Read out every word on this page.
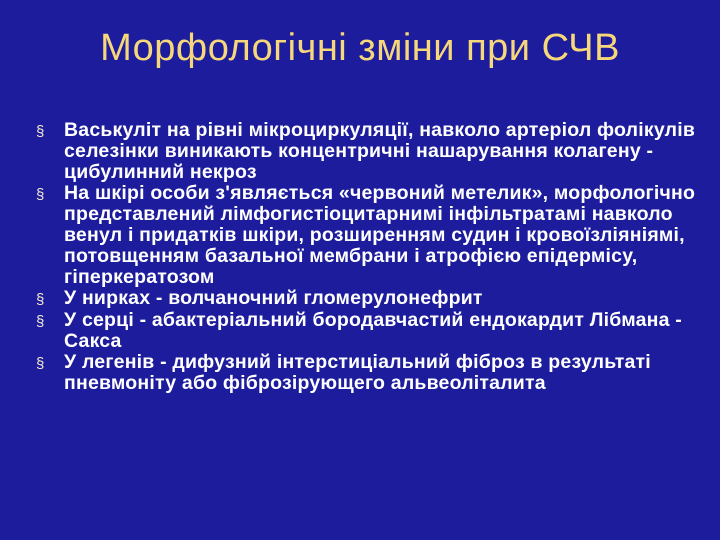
Морфологічні зміни при СЧВ
§	Васькуліт на рівні мікроциркуляції, навколо артеріол фолікулів селезінки виникають концентричні нашарування колагену - цибулинний некроз
§	На шкірі особи з'являється «червоний метелик», морфологічно представлений лімфогистіоцитарнимі інфільтратамі навколо венул і придатків шкіри, розширенням судин і кровоїзліяніямі, потовщенням базальної мембрани і атрофією епідермісу, гіперкератозом
§	У нирках - волчаночний гломерулонефрит
§	У серці - абактеріальний бородавчастий ендокардит Лібмана - Сакса
§	У легенів - дифузний інтерстиціальний фіброз в результаті пневмоніту або фіброзірующего альвеоліталита
